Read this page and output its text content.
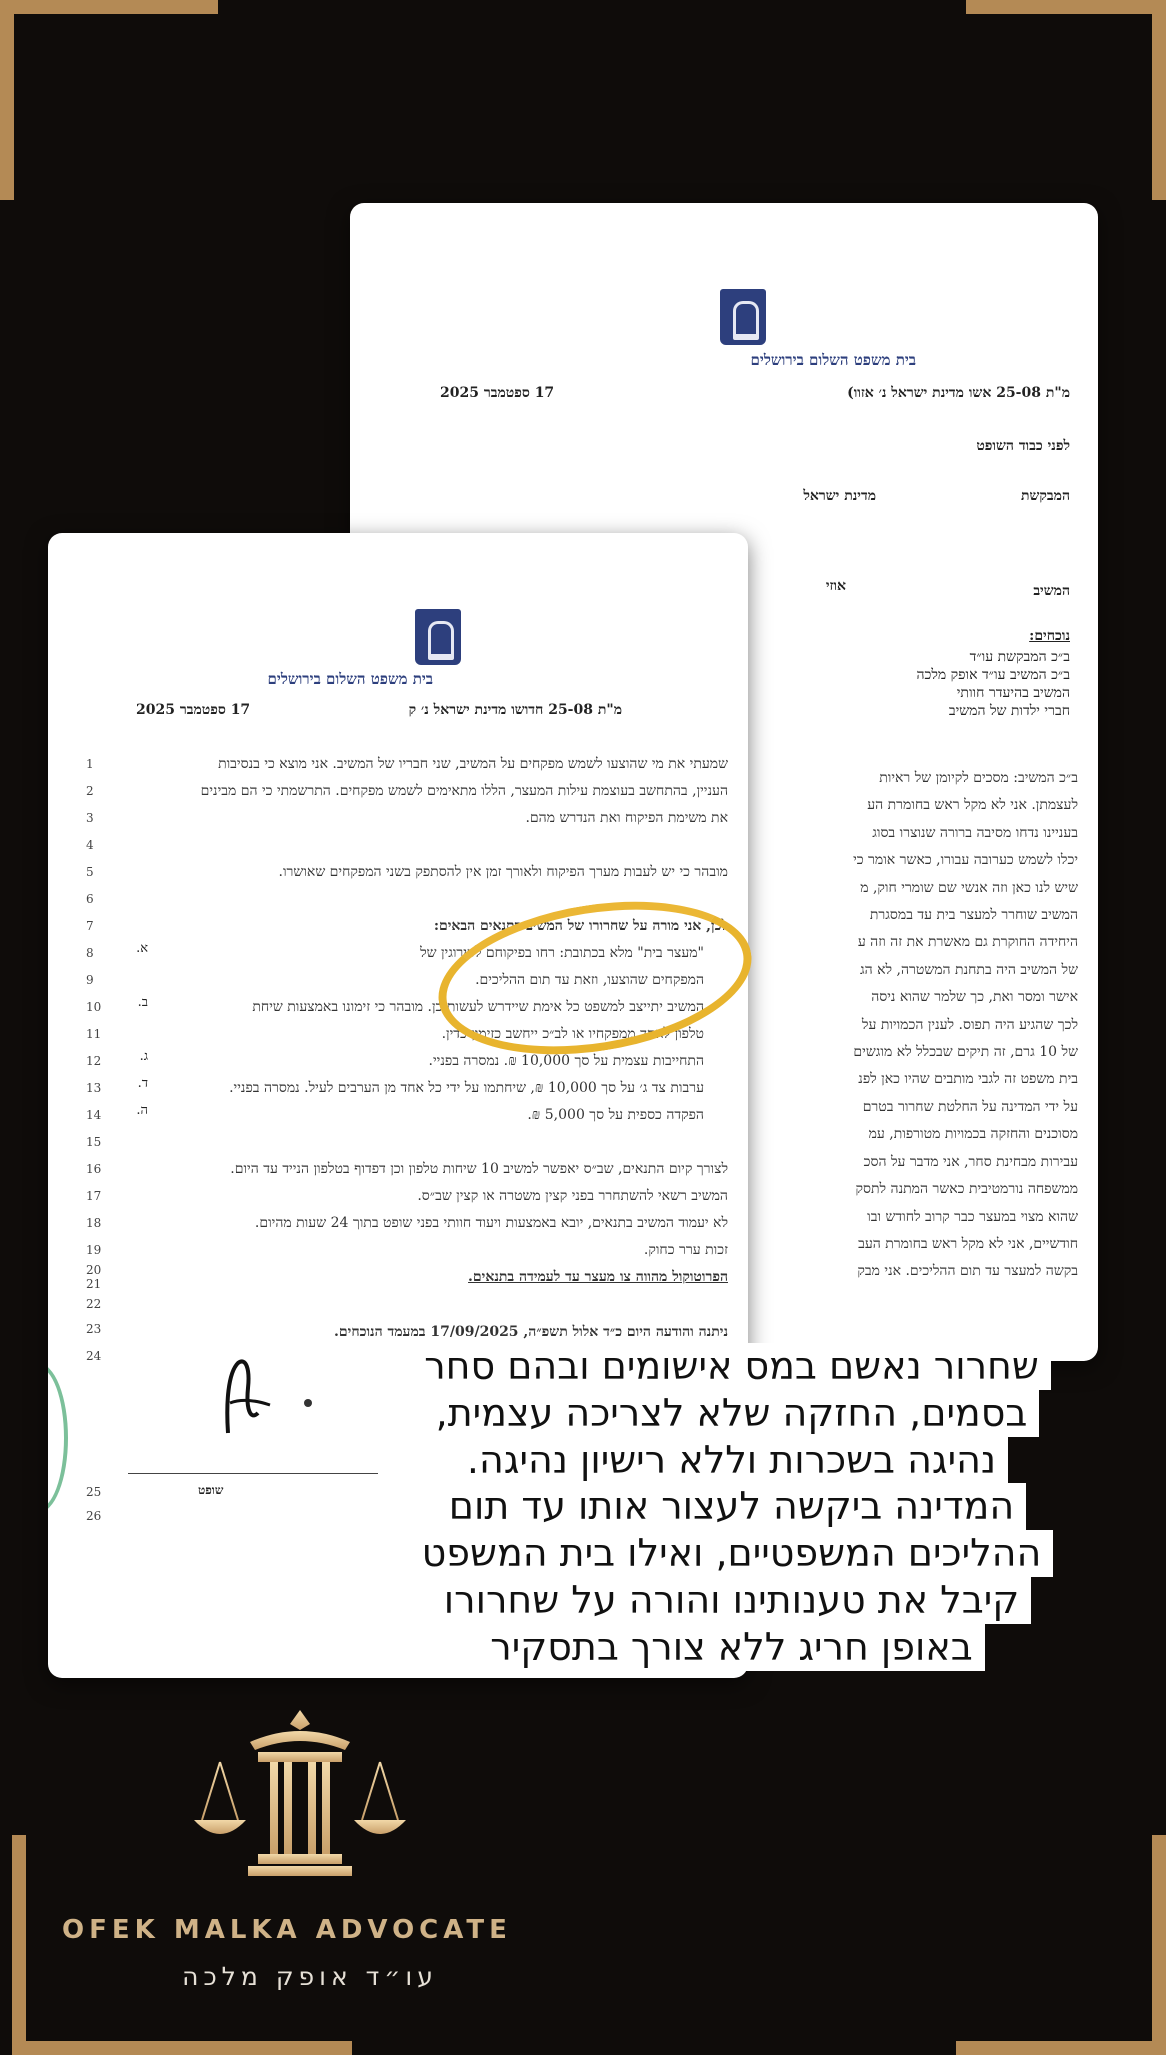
בית משפט השלום בירושלים
מ"ת 25-08 אשו מדינת ישראל נ׳ אזוו)
17 ספטמבר 2025
לפני כבוד השופט
המבקשת
מדינת ישראל
המשיב
אוזי
נוכחים:
ב״כ המבקשת עו״ד
ב״כ המשיב עו״ד אופק מלכה
המשיב בהיעדר חוותי
חברי ילדות של המשיב
ב״כ המשיב: מסכים לקיומן של ראיות
לעצמתן. אני לא מקל ראש בחומרת הע
בעניינו נדחו מסיבה ברורה שנוצרו בסוג
יכלו לשמש כערובה עבורו, כאשר אומר כי
שיש לנו כאן וזה אנשי שם שומרי חוק, מ
המשיב שוחרר למעצר בית עד במסגרת
היחידה החוקרת גם מאשרת את זה וזה ע
של המשיב היה בתחנת המשטרה, לא הג
אישר ומסר ואת, כך שלמר שהוא ניסה
לכך שהגיע היה תפוס. לענין הכמויות על
של 10 גרם, זה תיקים שבכלל לא מוגשים
בית משפט זה לגבי מותבים שהיו כאן לפנ
על ידי המדינה על החלטת שחרור בטרם
מסוכנים והחזקה בכמויות מטורפות, עמ
עבירות מבחינת סחר, אני מדבר על הסכ
ממשפחה נורמטיבית כאשר המתנה לתסק
שהוא מצוי במעצר כבר קרוב לחודש ובו
חודשיים, אני לא מקל ראש בחומרת העב
בקשה למעצר עד תום ההליכים. אני מבק
בית משפט השלום בירושלים
מ"ת 25-08 חדושו מדינת ישראל נ׳ ק
17 ספטמבר 2025
1
2
3
4
5
6
7
8
9
10
11
12
13
14
15
16
17
18
19
20
21
22
23
24
25
26
שמעתי את מי שהוצעו לשמש מפקחים על המשיב, שני חבריו של המשיב. אני מוצא כי בנסיבות
העניין, בהתחשב בעוצמת עילות המעצר, הללו מתאימים לשמש מפקחים. התרשמתי כי הם מבינים
את משימת הפיקוח ואת הנדרש מהם.
מובהר כי יש לעבות מערך הפיקוח ולאורך זמן אין להסתפק בשני המפקחים שאושרו.
לכן, אני מורה על שחרורו של המשיב בתנאים הבאים:
"מעצר בית" מלא בכתובת: רחו בפיקוחם לסירוגין של
המפקחים שהוצעו, וזאת עד תום ההליכים.
המשיב יתייצב למשפט כל אימת שיידרש לעשות כן. מובהר כי זימונו באמצעות שיחת
טלפון לאחד ממפקחיו או לב״כ ייחשב כזימון כדין.
התחייבות עצמית על סך 10,000 ₪. נמסרה בפניי.
ערבות צד ג׳ על סך 10,000 ₪, שיחתמו על ידי כל אחד מן הערבים לעיל. נמסרה בפניי.
הפקדה כספית על סך 5,000 ₪.
לצורך קיום התנאים, שב״ס יאפשר למשיב 10 שיחות טלפון וכן דפדוף בטלפון הנייד עד היום.
המשיב רשאי להשתחרר בפני קצין משטרה או קצין שב״ס.
לא יעמוד המשיב בתנאים, יובא באמצעות ויעוד חוותי בפני שופט בתוך 24 שעות מהיום.
זכות ערר כחוק.
הפרוטוקול מהווה צו מעצר עד לעמידה בתנאים.
ניתנה והודעה היום כ״ד אלול תשפ״ה, 17/09/2025 במעמד הנוכחים.
א.
ב.
ג.
ד.
ה.
שופט
שחרור נאשם במס אישומים ובהם סחר
בסמים, החזקה שלא לצריכה עצמית,
נהיגה בשכרות וללא רישיון נהיגה.
המדינה ביקשה לעצור אותו עד תום
ההליכים המשפטיים, ואילו בית המשפט
קיבל את טענותינו והורה על שחרורו
באופן חריג ללא צורך בתסקיר
OFEK MALKA ADVOCATE
עו״ד אופק מלכה
